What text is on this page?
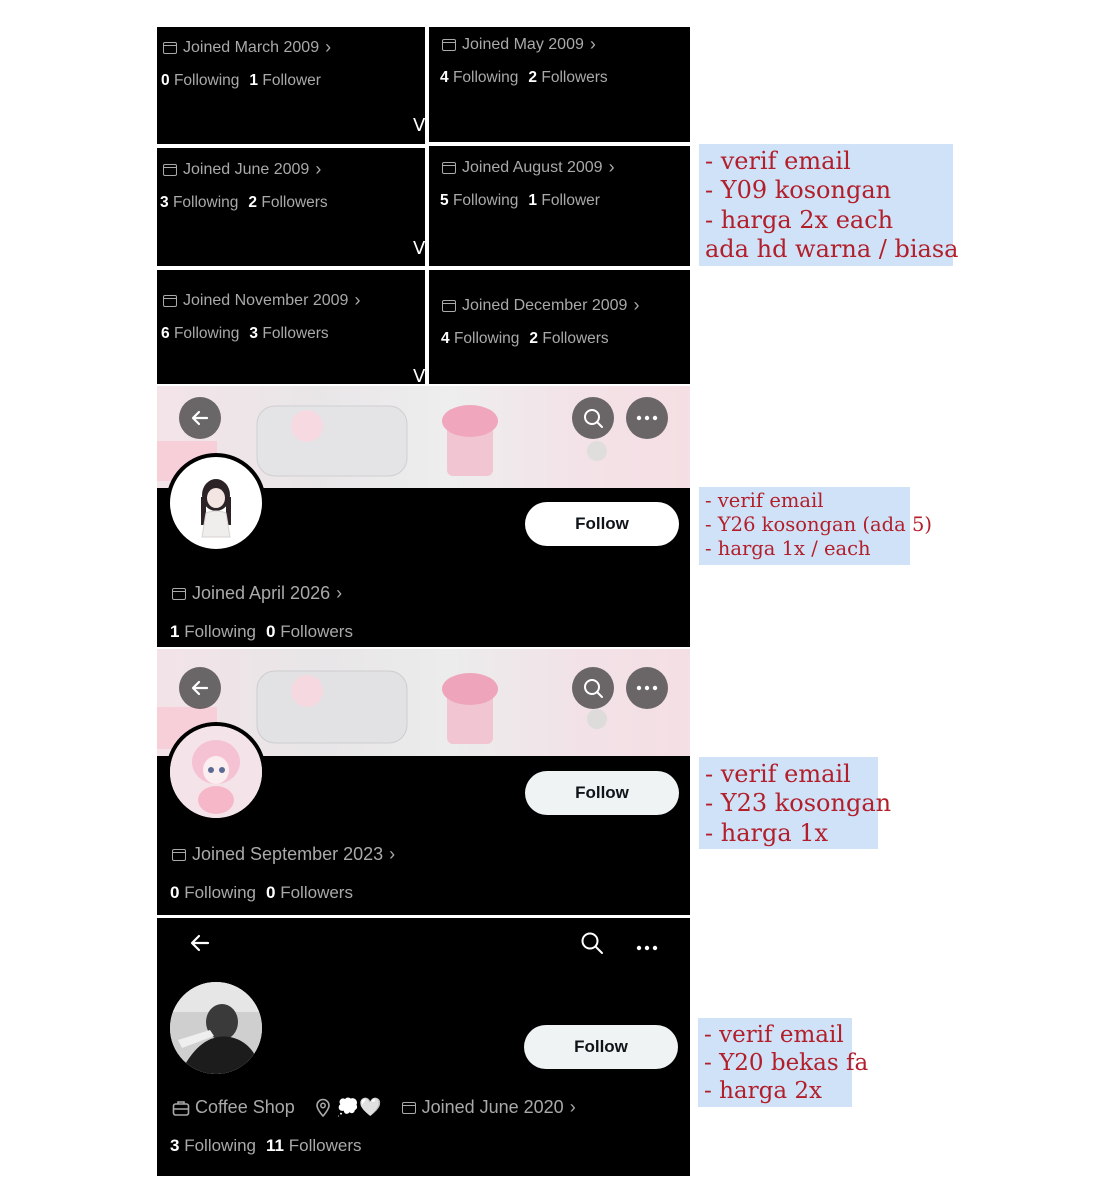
Joined March 2009 ›
0 Following 1 Follower
V
Joined May 2009 ›
4 Following 2 Followers
Joined June 2009 ›
3 Following 2 Followers
V
Joined August 2009 ›
5 Following 1 Follower
Joined November 2009 ›
6 Following 3 Followers
V
Joined December 2009 ›
4 Following 2 Followers
Follow
Joined April 2026 ›
1 Following 0 Followers
Follow
Joined September 2023 ›
0 Following 0 Followers
Follow
Coffee Shop 💭🤍 Joined June 2020 ›
3 Following 11 Followers
- verif email
- Y09 kosongan
- harga 2x each
ada hd warna / biasa
- verif email
- Y26 kosongan (ada 5)
- harga 1x / each
- verif email
- Y23 kosongan
- harga 1x
- verif email
- Y20 bekas fa
- harga 2x
